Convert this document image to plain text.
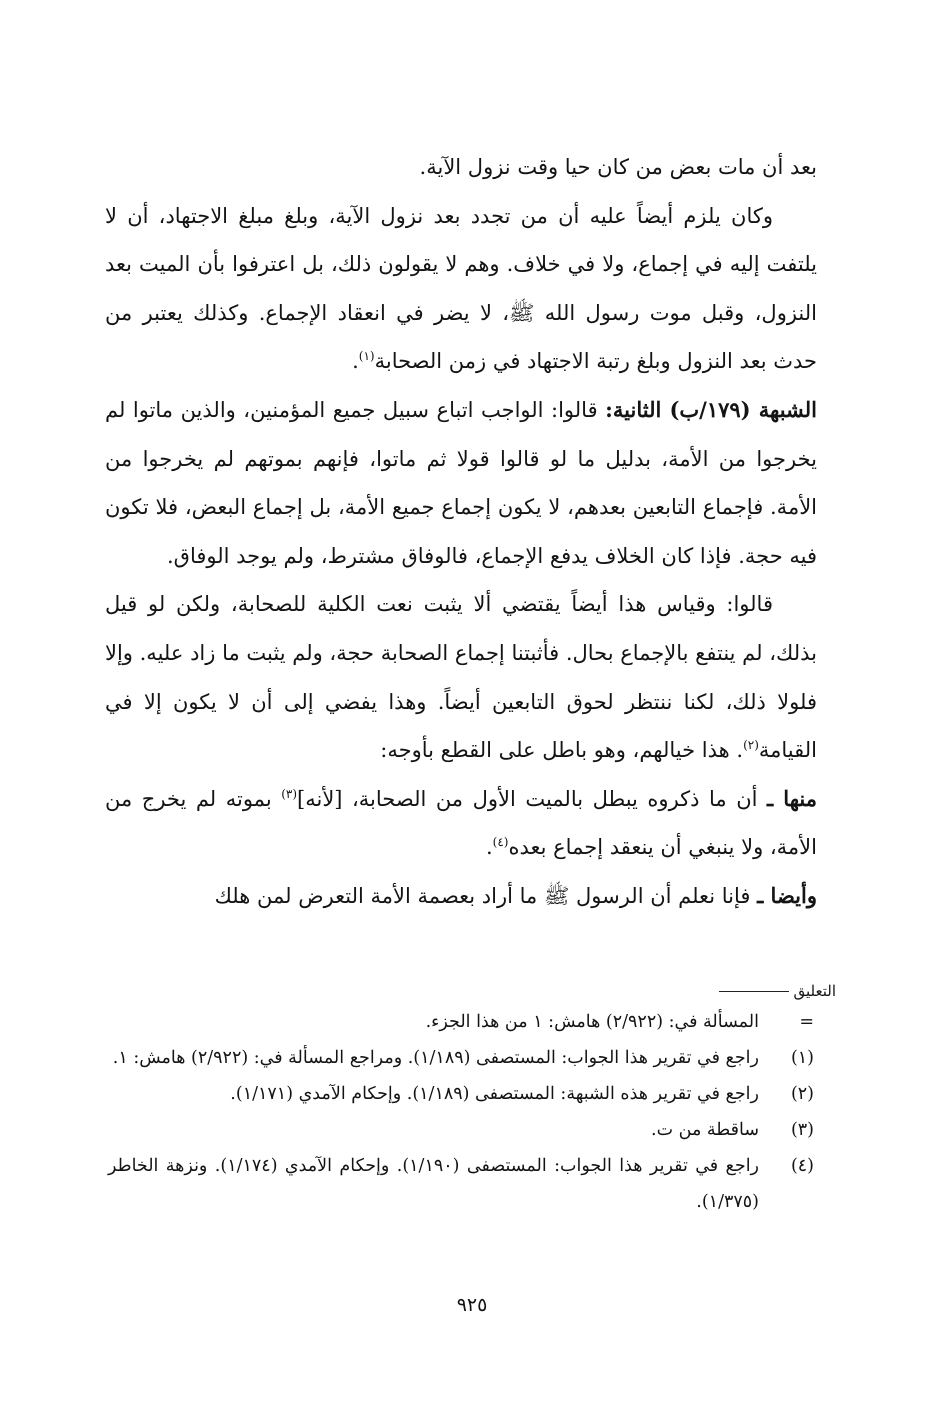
بعد أن مات بعض من كان حيا وقت نزول الآية.

وكان يلزم أيضاً عليه أن من تجدد بعد نزول الآية، وبلغ مبلغ الاجتهاد، أن لا يلتفت إليه في إجماع، ولا في خلاف. وهم لا يقولون ذلك، بل اعترفوا بأن الميت بعد النزول، وقبل موت رسول الله ﷺ، لا يضر في انعقاد الإجماع. وكذلك يعتبر من حدث بعد النزول وبلغ رتبة الاجتهاد في زمن الصحابة$^{(١)}$.

الشبهة (١٧٩/ب) الثانية: قالوا: الواجب اتباع سبيل جميع المؤمنين، والذين ماتوا لم يخرجوا من الأمة، بدليل ما لو قالوا قولا ثم ماتوا، فإنهم بموتهم لم يخرجوا من الأمة. فإجماع التابعين بعدهم، لا يكون إجماع جميع الأمة، بل إجماع البعض، فلا تكون فيه حجة. فإذا كان الخلاف يدفع الإجماع، فالوفاق مشترط، ولم يوجد الوفاق.

قالوا: وقياس هذا أيضاً يقتضي ألا يثبت نعت الكلية للصحابة، ولكن لو قيل بذلك، لم ينتفع بالإجماع بحال. فأثبتنا إجماع الصحابة حجة، ولم يثبت ما زاد عليه. وإلا فلولا ذلك، لكنا ننتظر لحوق التابعين أيضاً. وهذا يفضي إلى أن لا يكون إلا في القيامة$^{(٢)}$. هذا خيالهم، وهو باطل على القطع بأوجه:

منها ـ أن ما ذكروه يبطل بالميت الأول من الصحابة، [لأنه]$^{(٣)}$ بموته لم يخرج من الأمة، ولا ينبغي أن ينعقد إجماع بعده$^{(٤)}$.

وأيضا ـ فإنا نعلم أن الرسول ﷺ ما أراد بعصمة الأمة التعرض لمن هلك

التعليق
=
المسألة في: (٢/٩٢٢) هامش: ١ من هذا الجزء.
(١)
راجع في تقرير هذا الجواب: المستصفى (١/١٨٩). ومراجع المسألة في: (٢/٩٢٢) هامش: ١.
(٢)
راجع في تقرير هذه الشبهة: المستصفى (١/١٨٩). وإحكام الآمدي (١/١٧١).
(٣)
ساقطة من ت.
(٤)
راجع في تقرير هذا الجواب: المستصفى (١/١٩٠). وإحكام الآمدي (١/١٧٤). ونزهة الخاطر (١/٣٧٥).
٩٢٥
